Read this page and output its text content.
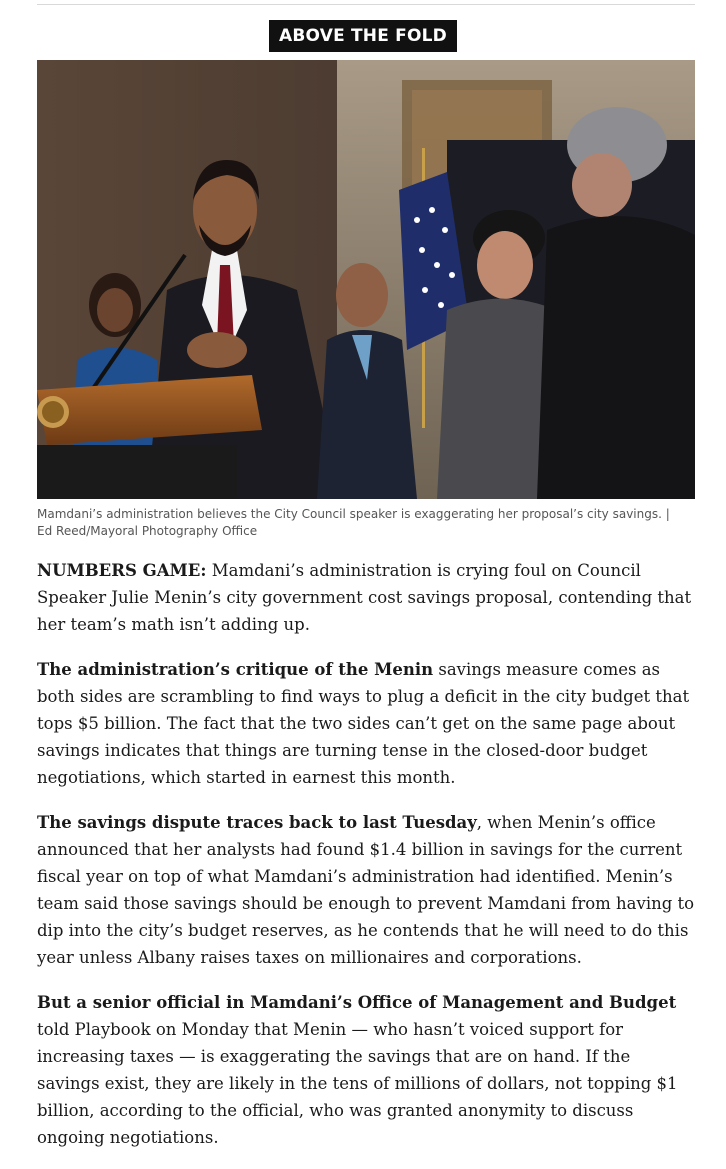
ABOVE THE FOLD
Mamdani’s administration believes the City Council speaker is exaggerating her proposal’s city savings. | Ed Reed/Mayoral Photography Office

NUMBERS GAME: Mamdani’s administration is crying foul on Council Speaker Julie Menin’s city government cost savings proposal, contending that her team’s math isn’t adding up.

The administration’s critique of the Menin savings measure comes as both sides are scrambling to find ways to plug a deficit in the city budget that tops $5 billion. The fact that the two sides can’t get on the same page about savings indicates that things are turning tense in the closed-door budget negotiations, which started in earnest this month.

The savings dispute traces back to last Tuesday, when Menin’s office announced that her analysts had found $1.4 billion in savings for the current fiscal year on top of what Mamdani’s administration had identified. Menin’s team said those savings should be enough to prevent Mamdani from having to dip into the city’s budget reserves, as he contends that he will need to do this year unless Albany raises taxes on millionaires and corporations.

But a senior official in Mamdani’s Office of Management and Budget told Playbook on Monday that Menin — who hasn’t voiced support for increasing taxes — is exaggerating the savings that are on hand. If the savings exist, they are likely in the tens of millions of dollars, not topping $1 billion, according to the official, who was granted anonymity to discuss ongoing negotiations.
